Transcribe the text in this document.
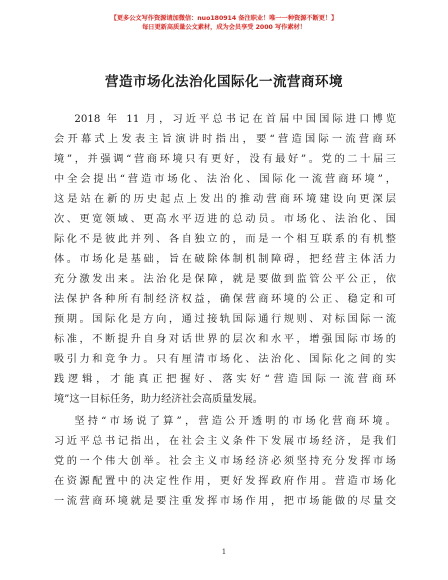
【更多公文写作资源请加微信：nuo180914 备注职业！唯一一种资源不断更！】
每日更新高质量公文素材，成为会员享受 2000 写作素材！
营造市场化法治化国际化一流营商环境
2018 年 11 月，习近平总书记在首届中国国际进口博览
会开幕式上发表主旨演讲时指出，要“营造国际一流营商环
境”，并强调“营商环境只有更好，没有最好”。党的二十届三
中全会提出“营造市场化、法治化、国际化一流营商环境”，
这是站在新的历史起点上发出的推动营商环境建设向更深层
次、更宽领域、更高水平迈进的总动员。市场化、法治化、国
际化不是彼此并列、各自独立的，而是一个相互联系的有机整
体。市场化是基础，旨在破除体制机制障碍，把经营主体活力
充分激发出来。法治化是保障，就是要做到监管公平公正，依
法保护各种所有制经济权益，确保营商环境的公正、稳定和可
预期。国际化是方向，通过接轨国际通行规则、对标国际一流
标准，不断提升自身对话世界的层次和水平，增强国际市场的
吸引力和竞争力。只有厘清市场化、法治化、国际化之间的实
践逻辑，才能真正把握好、落实好“营造国际一流营商环
境”这一目标任务，助力经济社会高质量发展。
坚持“市场说了算”，营造公开透明的市场化营商环境。
习近平总书记指出，在社会主义条件下发展市场经济，是我们
党的一个伟大创举。社会主义市场经济必须坚持充分发挥市场
在资源配置中的决定性作用，更好发挥政府作用。营造市场化
一流营商环境就是要注重发挥市场作用，把市场能做的尽量交
1
